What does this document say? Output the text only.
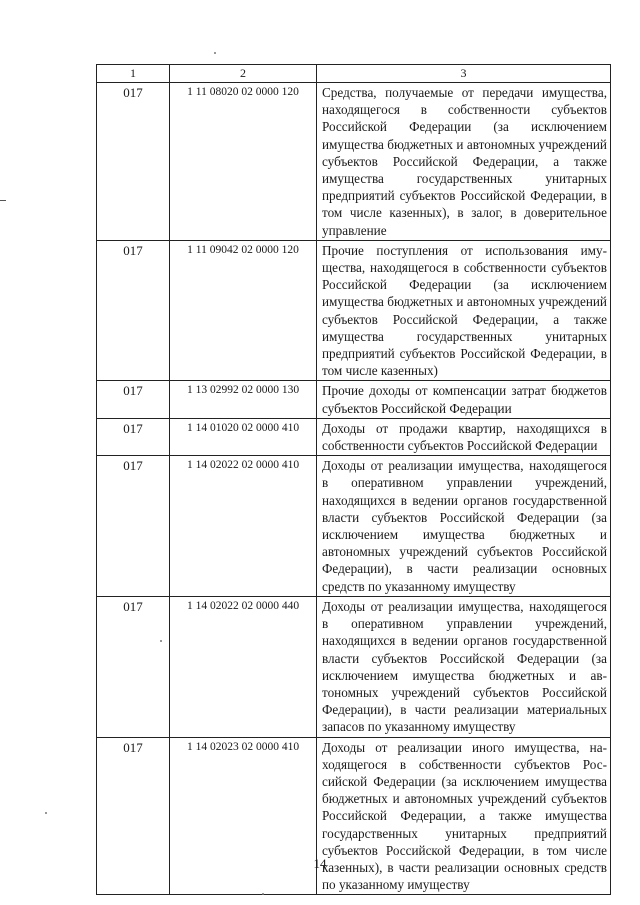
1	2	3
017	1 11 08020 02 0000 120	Средства, получаемые от передачи имущества, находящегося в собственности субъектов Российской Федерации (за исключением имущества бюджетных и автономных учреждений субъектов Российской Федерации, а также имущества государственных унитарных предприятий субъектов Российской Федерации, в том числе казенных), в залог, в доверительное управление
017	1 11 09042 02 0000 120	Прочие поступления от использования имущества, находящегося в собственности субъектов Российской Федерации (за исключением имущества бюджетных и автономных учреждений субъектов Российской Федерации, а также имущества государственных унитарных предприятий субъектов Российской Федерации, в том числе казенных)
017	1 13 02992 02 0000 130	Прочие доходы от компенсации затрат бюджетов субъектов Российской Федерации
017	1 14 01020 02 0000 410	Доходы от продажи квартир, находящихся в собственности субъектов Российской Федерации
017	1 14 02022 02 0000 410	Доходы от реализации имущества, находящегося в оперативном управлении учреждений, находящихся в ведении органов государственной власти субъектов Российской Федерации (за исключением имущества бюджетных и автономных учреждений субъектов Российской Федерации), в части реализации основных средств по указанному имуществу
017	1 14 02022 02 0000 440	Доходы от реализации имущества, находящегося в оперативном управлении учреждений, находящихся в ведении органов государственной власти субъектов Российской Федерации (за исключением имущества бюджетных и автономных учреждений субъектов Российской Федерации), в части реализации материальных запасов по указанному имуществу
017	1 14 02023 02 0000 410	Доходы от реализации иного имущества, находящегося в собственности субъектов Российской Федерации (за исключением имущества бюджетных и автономных учреждений субъектов Российской Федерации, а также имущества государственных унитарных предприятий субъектов Российской Федерации, в том числе казенных), в части реализации основных средств по указанному имуществу
14
